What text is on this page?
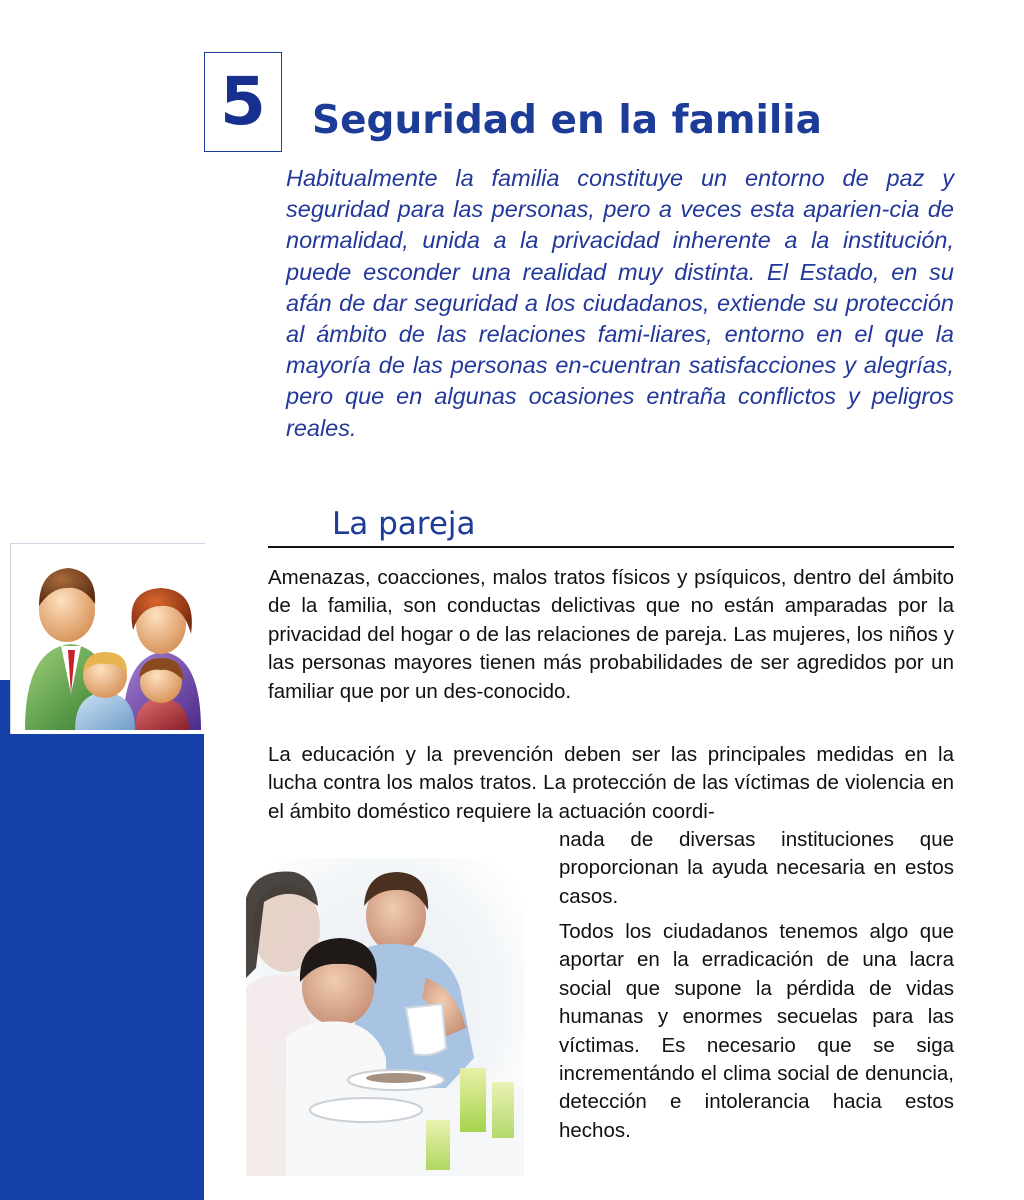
5 Seguridad en la familia

Habitualmente la familia constituye un entorno de paz y seguridad para las personas, pero a veces esta aparien-cia de normalidad, unida a la privacidad inherente a la institución, puede esconder una realidad muy distinta. El Estado, en su afán de dar seguridad a los ciudadanos, extiende su protección al ámbito de las relaciones fami-liares, entorno en el que la mayoría de las personas en-cuentran satisfacciones y alegrías, pero que en algunas ocasiones entraña conflictos y peligros reales.

La pareja

Amenazas, coacciones, malos tratos físicos y psíquicos, dentro del ámbito de la familia, son conductas delictivas que no están amparadas por la privacidad del hogar o de las relaciones de pareja. Las mujeres, los niños y las personas mayores tienen más probabilidades de ser agredidos por un familiar que por un des-conocido.

La educación y la prevención deben ser las principales medidas en la lucha contra los malos tratos. La protección de las víctimas de violencia en el ámbito doméstico requiere la actuación coordi-

nada de diversas instituciones que proporcionan la ayuda necesaria en estos casos.

Todos los ciudadanos tenemos algo que aportar en la erradicación de una lacra social que supone la pérdida de vidas humanas y enormes secuelas para las víctimas. Es necesario que se siga incrementándo el clima social de denuncia, detección e intolerancia hacia estos hechos.
